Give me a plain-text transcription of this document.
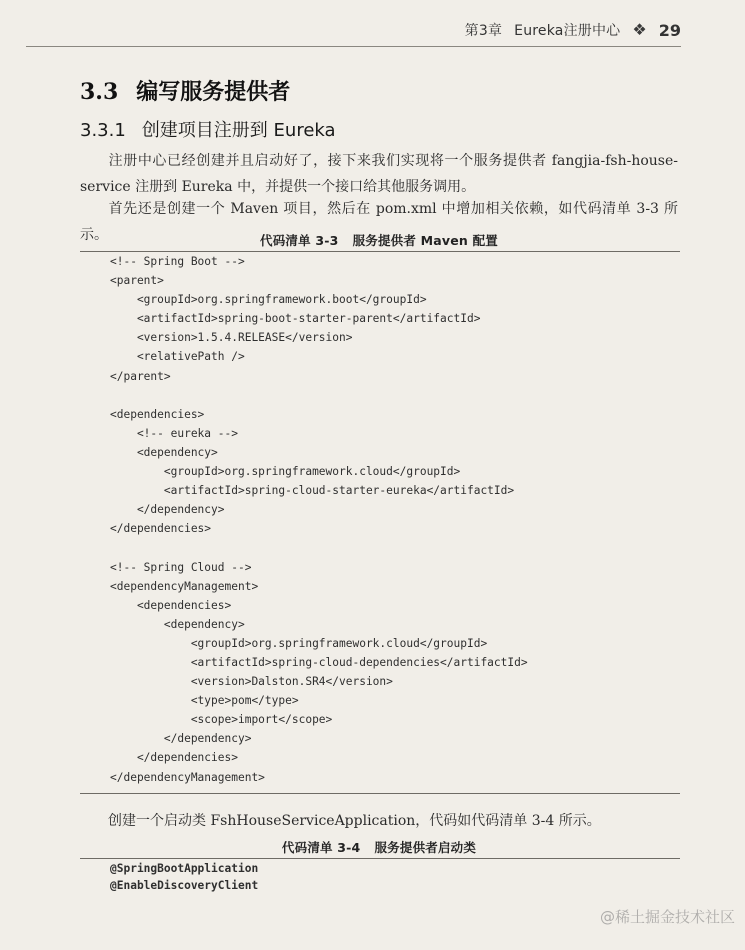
第3章 Eureka注册中心 ❖ 29
3.3 编写服务提供者
3.3.1 创建项目注册到 Eureka
注册中心已经创建并且启动好了，接下来我们实现将一个服务提供者 fangjia-fsh-house-service 注册到 Eureka 中，并提供一个接口给其他服务调用。
首先还是创建一个 Maven 项目，然后在 pom.xml 中增加相关依赖，如代码清单 3-3 所示。	代码清单 3-3 服务提供者 Maven 配置
<!-- Spring Boot -->
<parent>
<groupId>org.springframework.boot</groupId>
<artifactId>spring-boot-starter-parent</artifactId>
<version>1.5.4.RELEASE</version>
<relativePath />
</parent>
<dependencies>
<!-- eureka -->
<dependency>
<groupId>org.springframework.cloud</groupId>
<artifactId>spring-cloud-starter-eureka</artifactId>
</dependency>
</dependencies>
<!-- Spring Cloud -->
<dependencyManagement>
<dependencies>
<dependency>
<groupId>org.springframework.cloud</groupId>
<artifactId>spring-cloud-dependencies</artifactId>
<version>Dalston.SR4</version>
<type>pom</type>
<scope>import</scope>
</dependency>
</dependencies>
</dependencyManagement>
创建一个启动类 FshHouseServiceApplication，代码如代码清单 3-4 所示。
代码清单 3-4 服务提供者启动类
@SpringBootApplication
@EnableDiscoveryClient
@稀土掘金技术社区
